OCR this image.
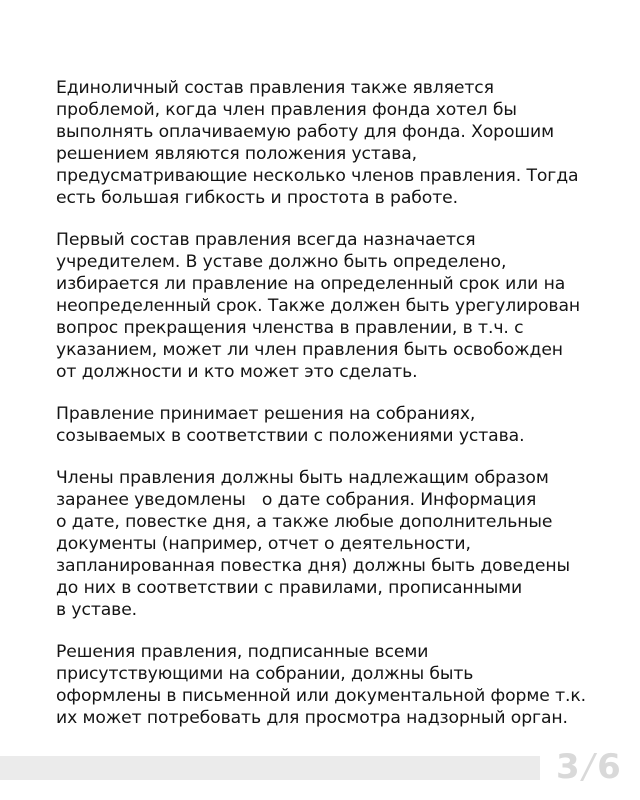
Единоличный состав правления также является
проблемой, когда член правления фонда хотел бы
выполнять оплачиваемую работу для фонда. Хорошим
решением являются положения устава,
предусматривающие несколько членов правления. Тогда
есть большая гибкость и простота в работе.

Первый состав правления всегда назначается
учредителем. В уставе должно быть определено,
избирается ли правление на определенный срок или на
неопределенный срок. Также должен быть урегулирован
вопрос прекращения членства в правлении, в т.ч. с
указанием, может ли член правления быть освобожден
от должности и кто может это сделать.

Правление принимает решения на собраниях,
созываемых в соответствии с положениями устава.

Члены правления должны быть надлежащим образом
заранее уведомлены   о дате собрания. Информация
о дате, повестке дня, а также любые дополнительные
документы (например, отчет о деятельности,
запланированная повестка дня) должны быть доведены
до них в соответствии с правилами, прописанными
в уставе.

Решения правления, подписанные всеми
присутствующими на собрании, должны быть
оформлены в письменной или документальной форме т.к.
их может потребовать для просмотра надзорный орган.

3 / 6
